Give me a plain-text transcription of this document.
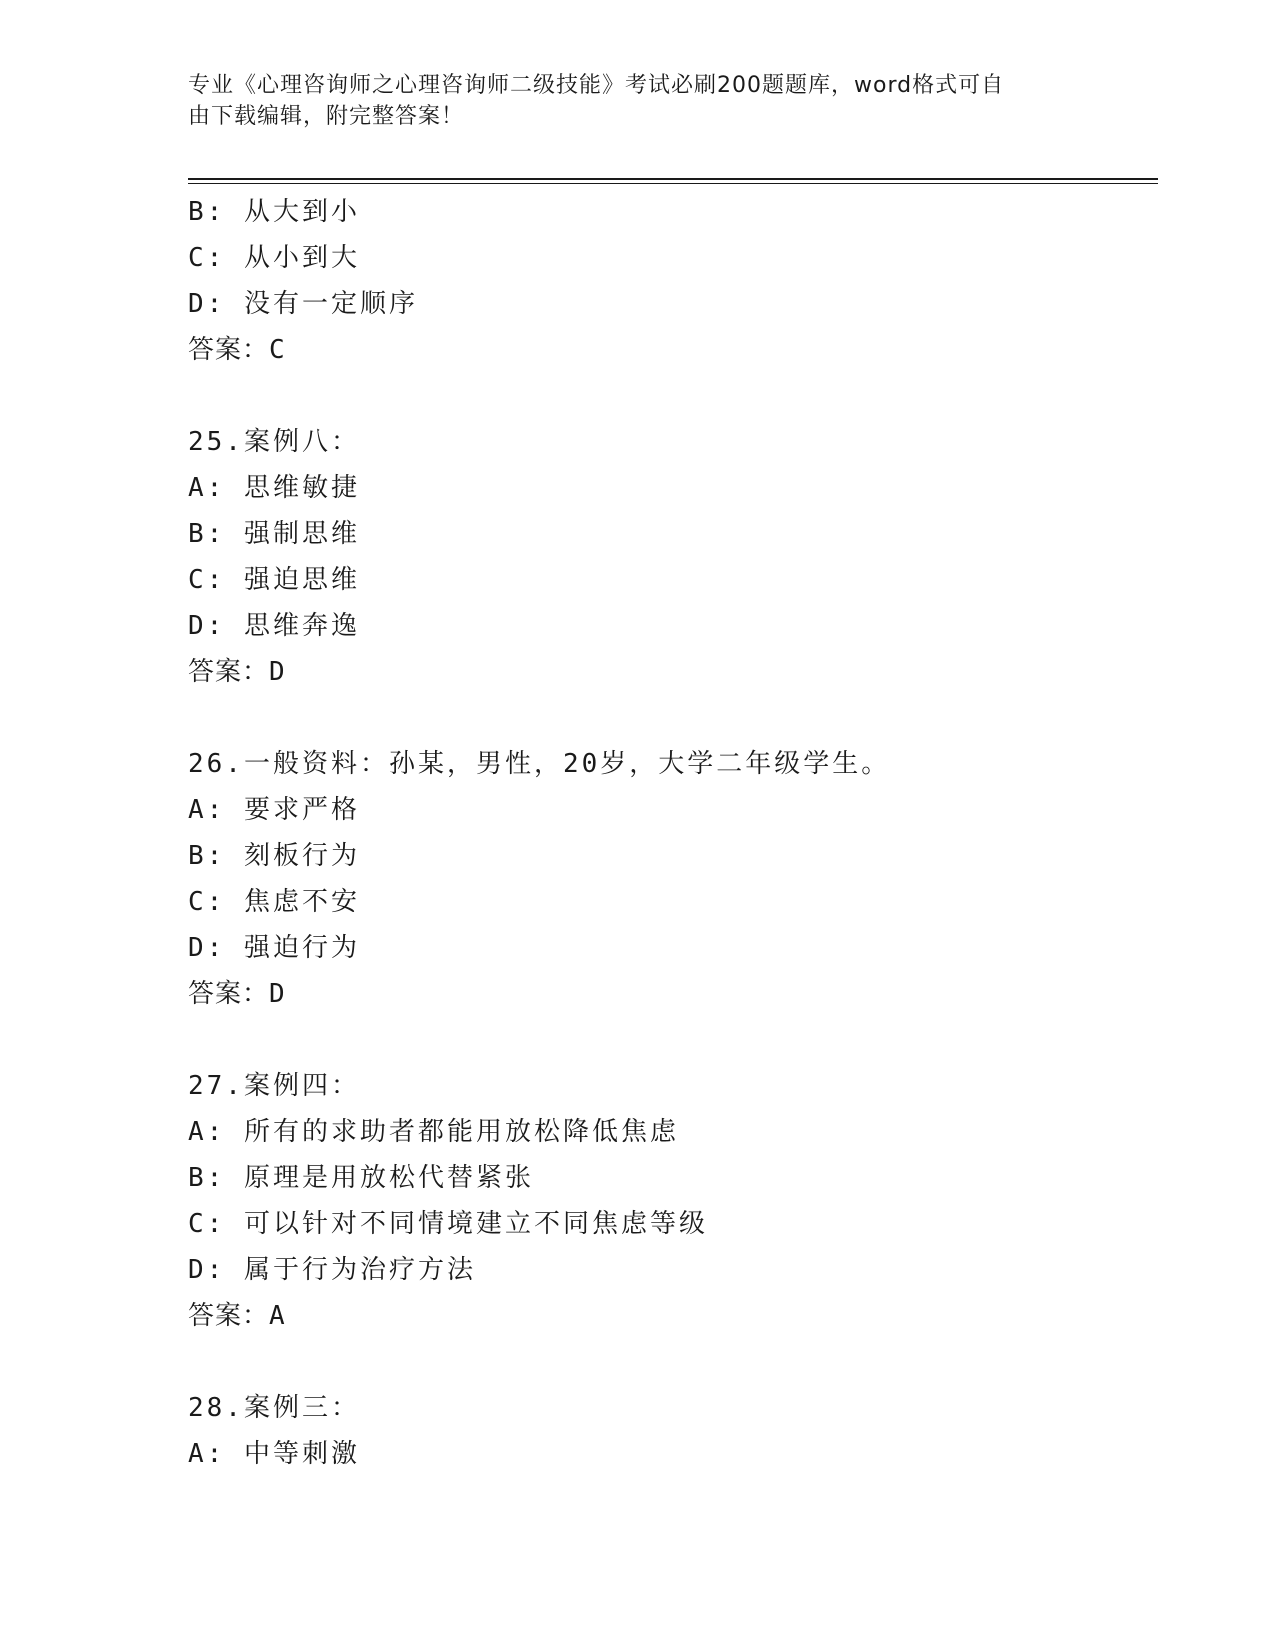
专业《心理咨询师之心理咨询师二级技能》考试必刷200题题库，word格式可自
由下载编辑，附完整答案！
B: 从大到小
C: 从小到大
D: 没有一定顺序
答案：C
25.案例八：
A: 思维敏捷
B: 强制思维
C: 强迫思维
D: 思维奔逸
答案：D
26.一般资料：孙某，男性，20岁，大学二年级学生。
A: 要求严格
B: 刻板行为
C: 焦虑不安
D: 强迫行为
答案：D
27.案例四：
A: 所有的求助者都能用放松降低焦虑
B: 原理是用放松代替紧张
C: 可以针对不同情境建立不同焦虑等级
D: 属于行为治疗方法
答案：A
28.案例三：
A: 中等刺激
